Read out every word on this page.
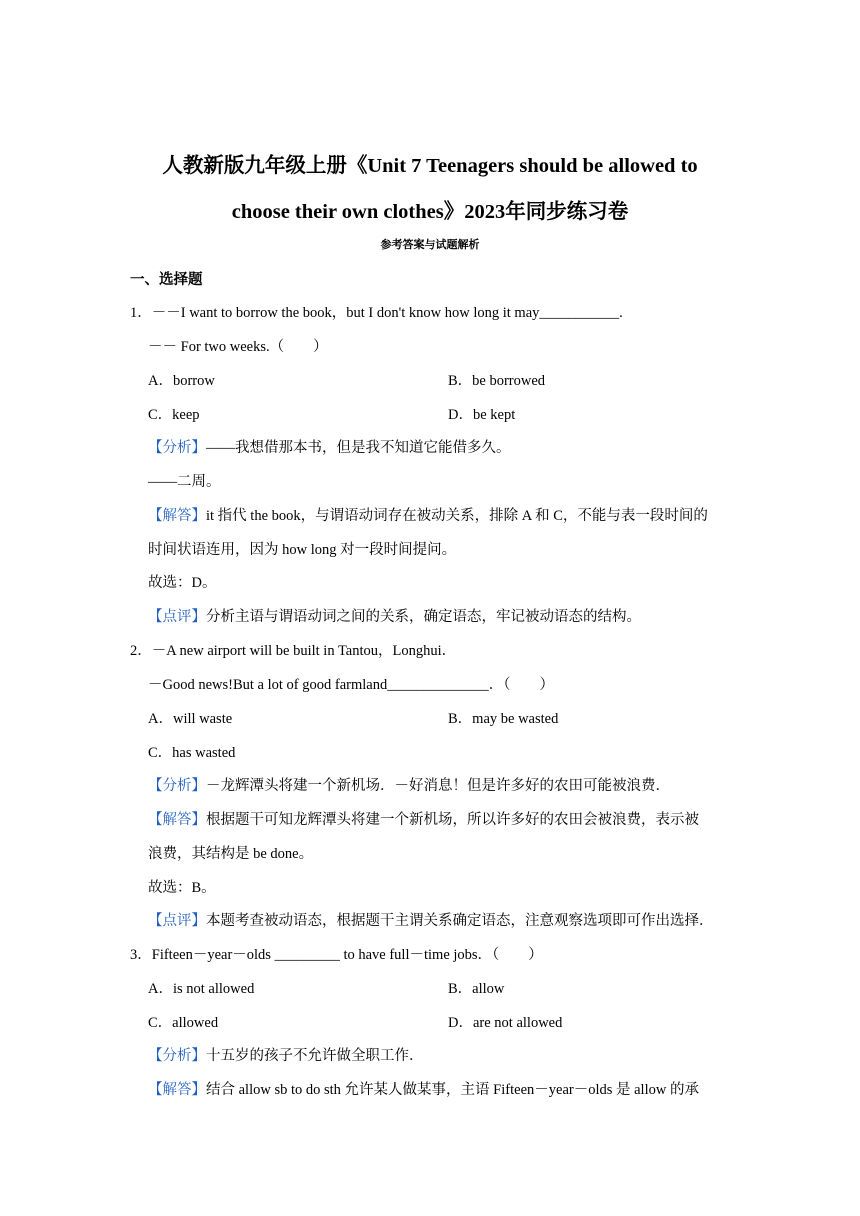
人教新版九年级上册《Unit 7 Teenagers should be allowed to
choose their own clothes》2023年同步练习卷
参考答案与试题解析
一、选择题
1．－－I want to borrow the book，but I don't know how long it may___________.
－－ For two weeks.（　　）
A．borrow	B．be borrowed
C．keep	D．be kept
【分析】——我想借那本书，但是我不知道它能借多久。
——二周。
【解答】it 指代 the book，与谓语动词存在被动关系，排除 A 和 C，不能与表一段时间的
时间状语连用，因为 how long 对一段时间提问。
故选：D。
【点评】分析主语与谓语动词之间的关系，确定语态，牢记被动语态的结构。
2．－A new airport will be built in Tantou，Longhui．
－Good news!But a lot of good farmland______________．（　　）
A．will waste	B．may be wasted
C．has wasted
【分析】－龙辉潭头将建一个新机场．－好消息！但是许多好的农田可能被浪费．
【解答】根据题干可知龙辉潭头将建一个新机场，所以许多好的农田会被浪费，表示被
浪费，其结构是 be done。
故选：B。
【点评】本题考查被动语态，根据题干主谓关系确定语态，注意观察选项即可作出选择．
3．Fifteen－year－olds _________ to have full－time jobs．（　　）
A．is not allowed	B．allow
C．allowed	D．are not allowed
【分析】十五岁的孩子不允许做全职工作．
【解答】结合 allow sb to do sth 允许某人做某事，主语 Fifteen－year－olds 是 allow 的承
